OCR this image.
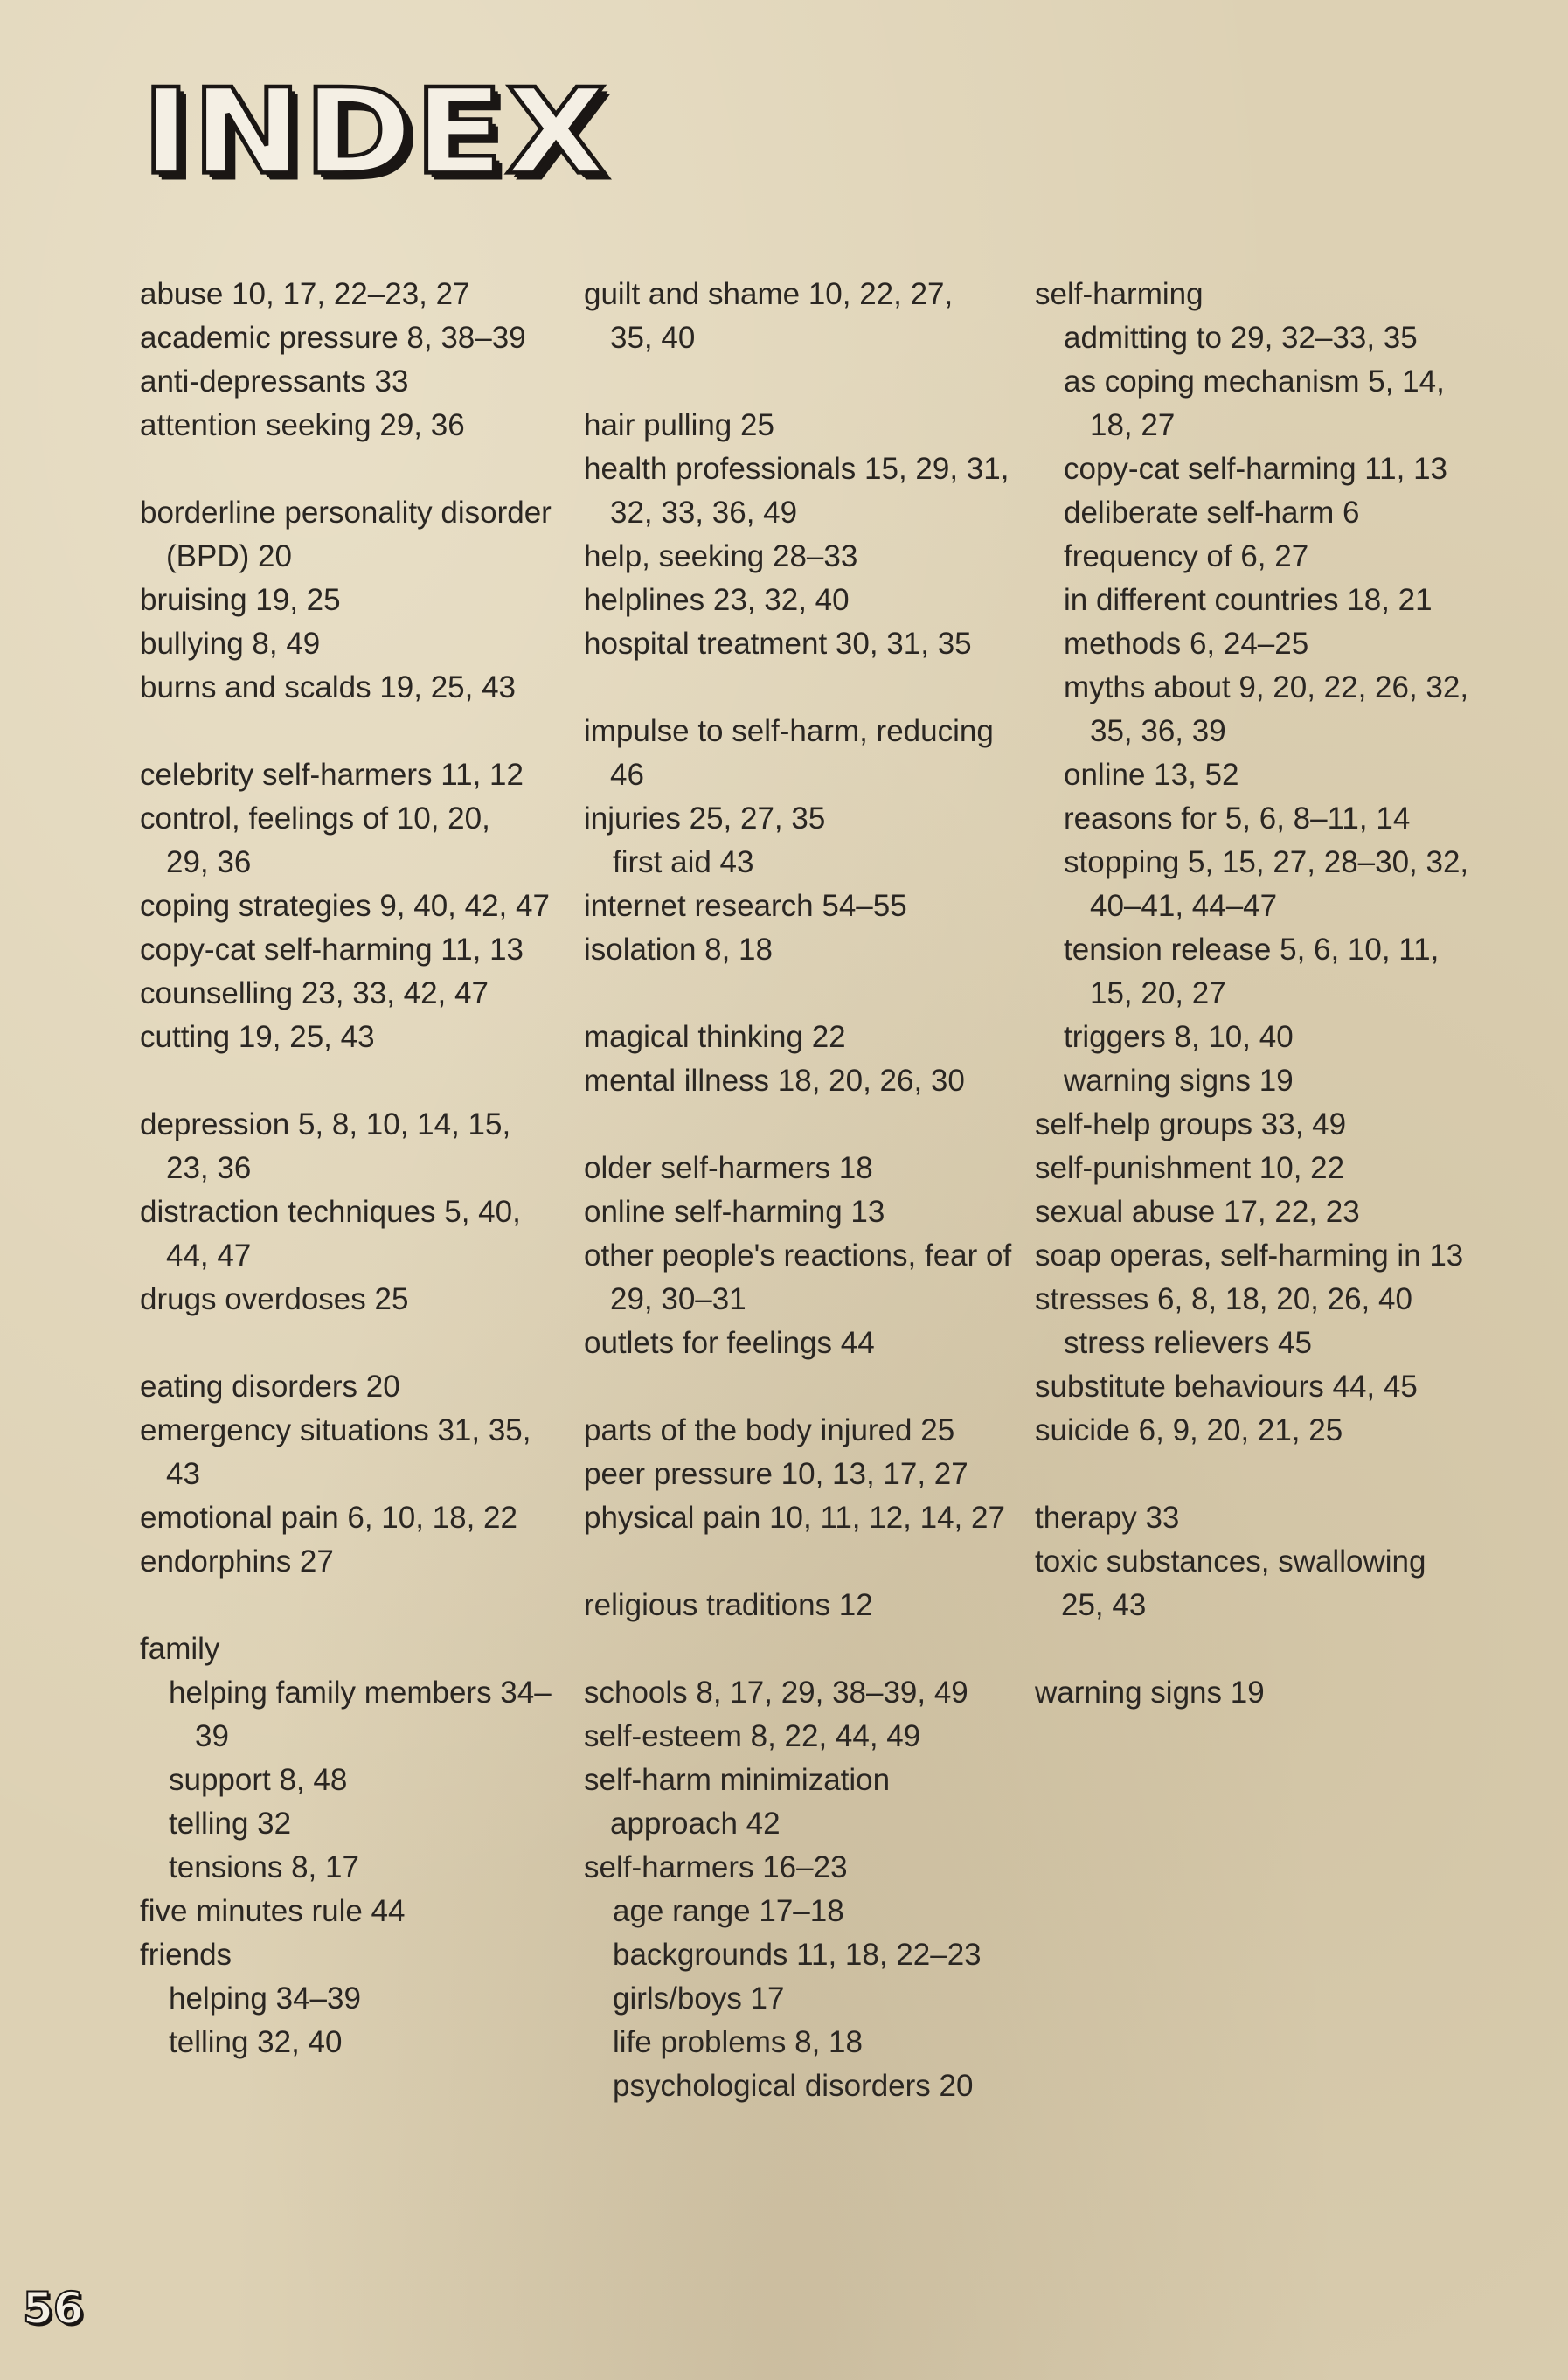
INDEX
abuse 10, 17, 22–23, 27
academic pressure 8, 38–39
anti-depressants 33
attention seeking 29, 36
borderline personality disorder (BPD) 20
bruising 19, 25
bullying 8, 49
burns and scalds 19, 25, 43
celebrity self-harmers 11, 12
control, feelings of 10, 20, 29, 36
coping strategies 9, 40, 42, 47
copy-cat self-harming 11, 13
counselling 23, 33, 42, 47
cutting 19, 25, 43
depression 5, 8, 10, 14, 15, 23, 36
distraction techniques 5, 40, 44, 47
drugs overdoses 25
eating disorders 20
emergency situations 31, 35, 43
emotional pain 6, 10, 18, 22
endorphins 27
family
helping family members 34–39
support 8, 48
telling 32
tensions 8, 17
five minutes rule 44
friends
helping 34–39
telling 32, 40
guilt and shame 10, 22, 27, 35, 40
hair pulling 25
health professionals 15, 29, 31, 32, 33, 36, 49
help, seeking 28–33
helplines 23, 32, 40
hospital treatment 30, 31, 35
impulse to self-harm, reducing 46
injuries 25, 27, 35
first aid 43
internet research 54–55
isolation 8, 18
magical thinking 22
mental illness 18, 20, 26, 30
older self-harmers 18
online self-harming 13
other people's reactions, fear of 29, 30–31
outlets for feelings 44
parts of the body injured 25
peer pressure 10, 13, 17, 27
physical pain 10, 11, 12, 14, 27
religious traditions 12
schools 8, 17, 29, 38–39, 49
self-esteem 8, 22, 44, 49
self-harm minimization approach 42
self-harmers 16–23
age range 17–18
backgrounds 11, 18, 22–23
girls/boys 17
life problems 8, 18
psychological disorders 20
self-harming
admitting to 29, 32–33, 35
as coping mechanism 5, 14, 18, 27
copy-cat self-harming 11, 13
deliberate self-harm 6
frequency of 6, 27
in different countries 18, 21
methods 6, 24–25
myths about 9, 20, 22, 26, 32, 35, 36, 39
online 13, 52
reasons for 5, 6, 8–11, 14
stopping 5, 15, 27, 28–30, 32, 40–41, 44–47
tension release 5, 6, 10, 11, 15, 20, 27
triggers 8, 10, 40
warning signs 19
self-help groups 33, 49
self-punishment 10, 22
sexual abuse 17, 22, 23
soap operas, self-harming in 13
stresses 6, 8, 18, 20, 26, 40
stress relievers 45
substitute behaviours 44, 45
suicide 6, 9, 20, 21, 25
therapy 33
toxic substances, swallowing 25, 43
warning signs 19
56
